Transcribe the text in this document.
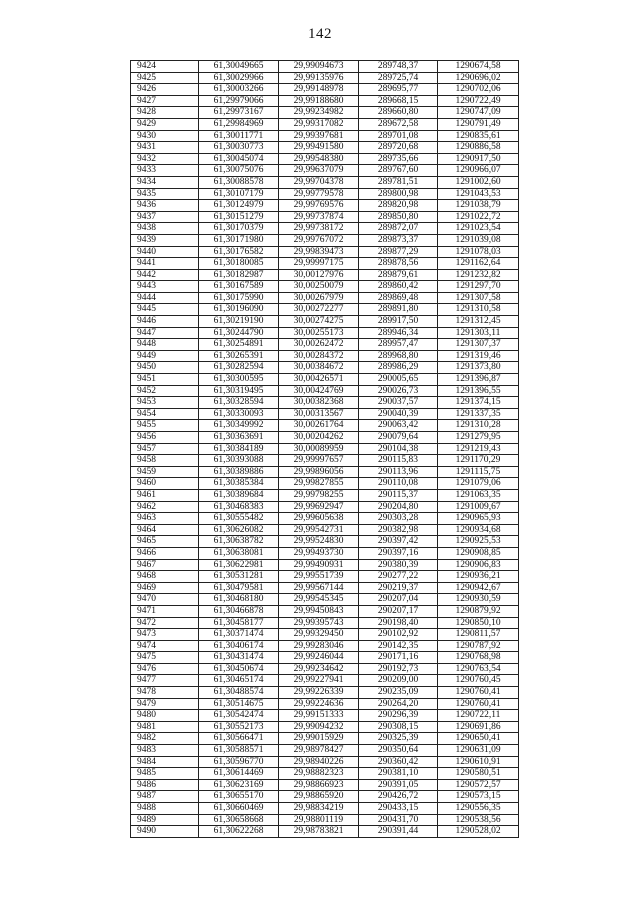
142
9424	61,30049665	29,99094673	289748,37	1290674,58
9425	61,30029966	29,99135976	289725,74	1290696,02
9426	61,30003266	29,99148978	289695,77	1290702,06
9427	61,29979066	29,99188680	289668,15	1290722,49
9428	61,29973167	29,99234982	289660,80	1290747,09
9429	61,29984969	29,99317082	289672,58	1290791,49
9430	61,30011771	29,99397681	289701,08	1290835,61
9431	61,30030773	29,99491580	289720,68	1290886,58
9432	61,30045074	29,99548380	289735,66	1290917,50
9433	61,30075076	29,99637079	289767,60	1290966,07
9434	61,30088578	29,99704378	289781,51	1291002,60
9435	61,30107179	29,99779578	289800,98	1291043,53
9436	61,30124979	29,99769576	289820,98	1291038,79
9437	61,30151279	29,99737874	289850,80	1291022,72
9438	61,30170379	29,99738172	289872,07	1291023,54
9439	61,30171980	29,99767072	289873,37	1291039,08
9440	61,30176582	29,99839473	289877,29	1291078,03
9441	61,30180085	29,99997175	289878,56	1291162,64
9442	61,30182987	30,00127976	289879,61	1291232,82
9443	61,30167589	30,00250079	289860,42	1291297,70
9444	61,30175990	30,00267979	289869,48	1291307,58
9445	61,30196090	30,00272277	289891,80	1291310,58
9446	61,30219190	30,00274275	289917,50	1291312,45
9447	61,30244790	30,00255173	289946,34	1291303,11
9448	61,30254891	30,00262472	289957,47	1291307,37
9449	61,30265391	30,00284372	289968,80	1291319,46
9450	61,30282594	30,00384672	289986,29	1291373,80
9451	61,30300595	30,00426571	290005,65	1291396,87
9452	61,30319495	30,00424769	290026,73	1291396,55
9453	61,30328594	30,00382368	290037,57	1291374,15
9454	61,30330093	30,00313567	290040,39	1291337,35
9455	61,30349992	30,00261764	290063,42	1291310,28
9456	61,30363691	30,00204262	290079,64	1291279,95
9457	61,30384189	30,00089959	290104,38	1291219,43
9458	61,30393088	29,99997657	290115,83	1291170,29
9459	61,30389886	29,99896056	290113,96	1291115,75
9460	61,30385384	29,99827855	290110,08	1291079,06
9461	61,30389684	29,99798255	290115,37	1291063,35
9462	61,30468383	29,99692947	290204,80	1291009,67
9463	61,30555482	29,99605638	290303,28	1290965,93
9464	61,30626082	29,99542731	290382,98	1290934,68
9465	61,30638782	29,99524830	290397,42	1290925,53
9466	61,30638081	29,99493730	290397,16	1290908,85
9467	61,30622981	29,99490931	290380,39	1290906,83
9468	61,30531281	29,99551739	290277,22	1290936,21
9469	61,30479581	29,99567144	290219,37	1290942,67
9470	61,30468180	29,99545345	290207,04	1290930,59
9471	61,30466878	29,99450843	290207,17	1290879,92
9472	61,30458177	29,99395743	290198,40	1290850,10
9473	61,30371474	29,99329450	290102,92	1290811,57
9474	61,30406174	29,99283046	290142,35	1290787,92
9475	61,30431474	29,99246044	290171,16	1290768,98
9476	61,30450674	29,99234642	290192,73	1290763,54
9477	61,30465174	29,99227941	290209,00	1290760,45
9478	61,30488574	29,99226339	290235,09	1290760,41
9479	61,30514675	29,99224636	290264,20	1290760,41
9480	61,30542474	29,99151333	290296,39	1290722,11
9481	61,30552173	29,99094232	290308,15	1290691,86
9482	61,30566471	29,99015929	290325,39	1290650,41
9483	61,30588571	29,98978427	290350,64	1290631,09
9484	61,30596770	29,98940226	290360,42	1290610,91
9485	61,30614469	29,98882323	290381,10	1290580,51
9486	61,30623169	29,98866923	290391,05	1290572,57
9487	61,30655170	29,98865920	290426,72	1290573,15
9488	61,30660469	29,98834219	290433,15	1290556,35
9489	61,30658668	29,98801119	290431,70	1290538,56
9490	61,30622268	29,98783821	290391,44	1290528,02
